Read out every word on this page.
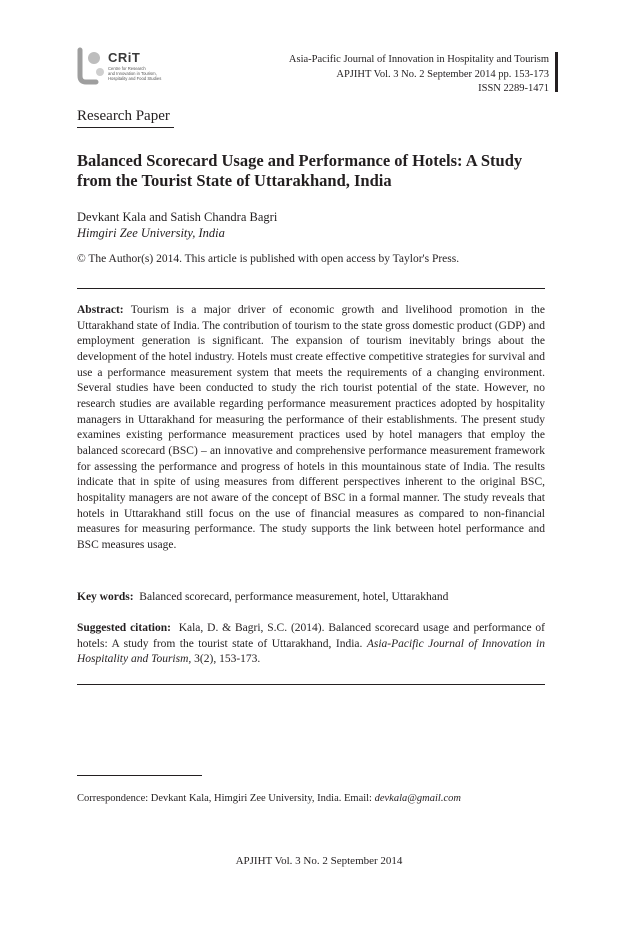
CRiT
Centre for Research
and Innovation in Tourism,
Hospitality and Food Studies
Asia-Pacific Journal of Innovation in Hospitality and Tourism
APJIHT Vol. 3 No. 2 September 2014 pp. 153-173
ISSN 2289-1471
Research Paper
Balanced Scorecard Usage and Performance of Hotels: A Study from the Tourist State of Uttarakhand, India
Devkant Kala and Satish Chandra Bagri
Himgiri Zee University, India
© The Author(s) 2014. This article is published with open access by Taylor's Press.

Abstract: Tourism is a major driver of economic growth and livelihood promotion in the Uttarakhand state of India. The contribution of tourism to the state gross domestic product (GDP) and employment generation is significant. The expansion of tourism inevitably brings about the development of the hotel industry. Hotels must create effective competitive strategies for survival and use a performance measurement system that meets the requirements of a changing environment. Several studies have been conducted to study the rich tourist potential of the state. However, no research studies are available regarding performance measurement practices adopted by hospitality managers in Uttarakhand for measuring the performance of their establishments. The present study examines existing performance measurement practices used by hotel managers that employ the balanced scorecard (BSC) – an innovative and comprehensive performance measurement framework for assessing the performance and progress of hotels in this mountainous state of India. The results indicate that in spite of using measures from different perspectives inherent to the original BSC, hospitality managers are not aware of the concept of BSC in a formal manner. The study reveals that hotels in Uttarakhand still focus on the use of financial measures as compared to non-financial measures for measuring performance. The study supports the link between hotel performance and BSC measures usage.

Key words: Balanced scorecard, performance measurement, hotel, Uttarakhand

Suggested citation: Kala, D. & Bagri, S.C. (2014). Balanced scorecard usage and performance of hotels: A study from the tourist state of Uttarakhand, India. Asia-Pacific Journal of Innovation in Hospitality and Tourism, 3(2), 153-173.

Correspondence: Devkant Kala, Himgiri Zee University, India. Email: devkala@gmail.com
APJIHT Vol. 3 No. 2 September 2014
